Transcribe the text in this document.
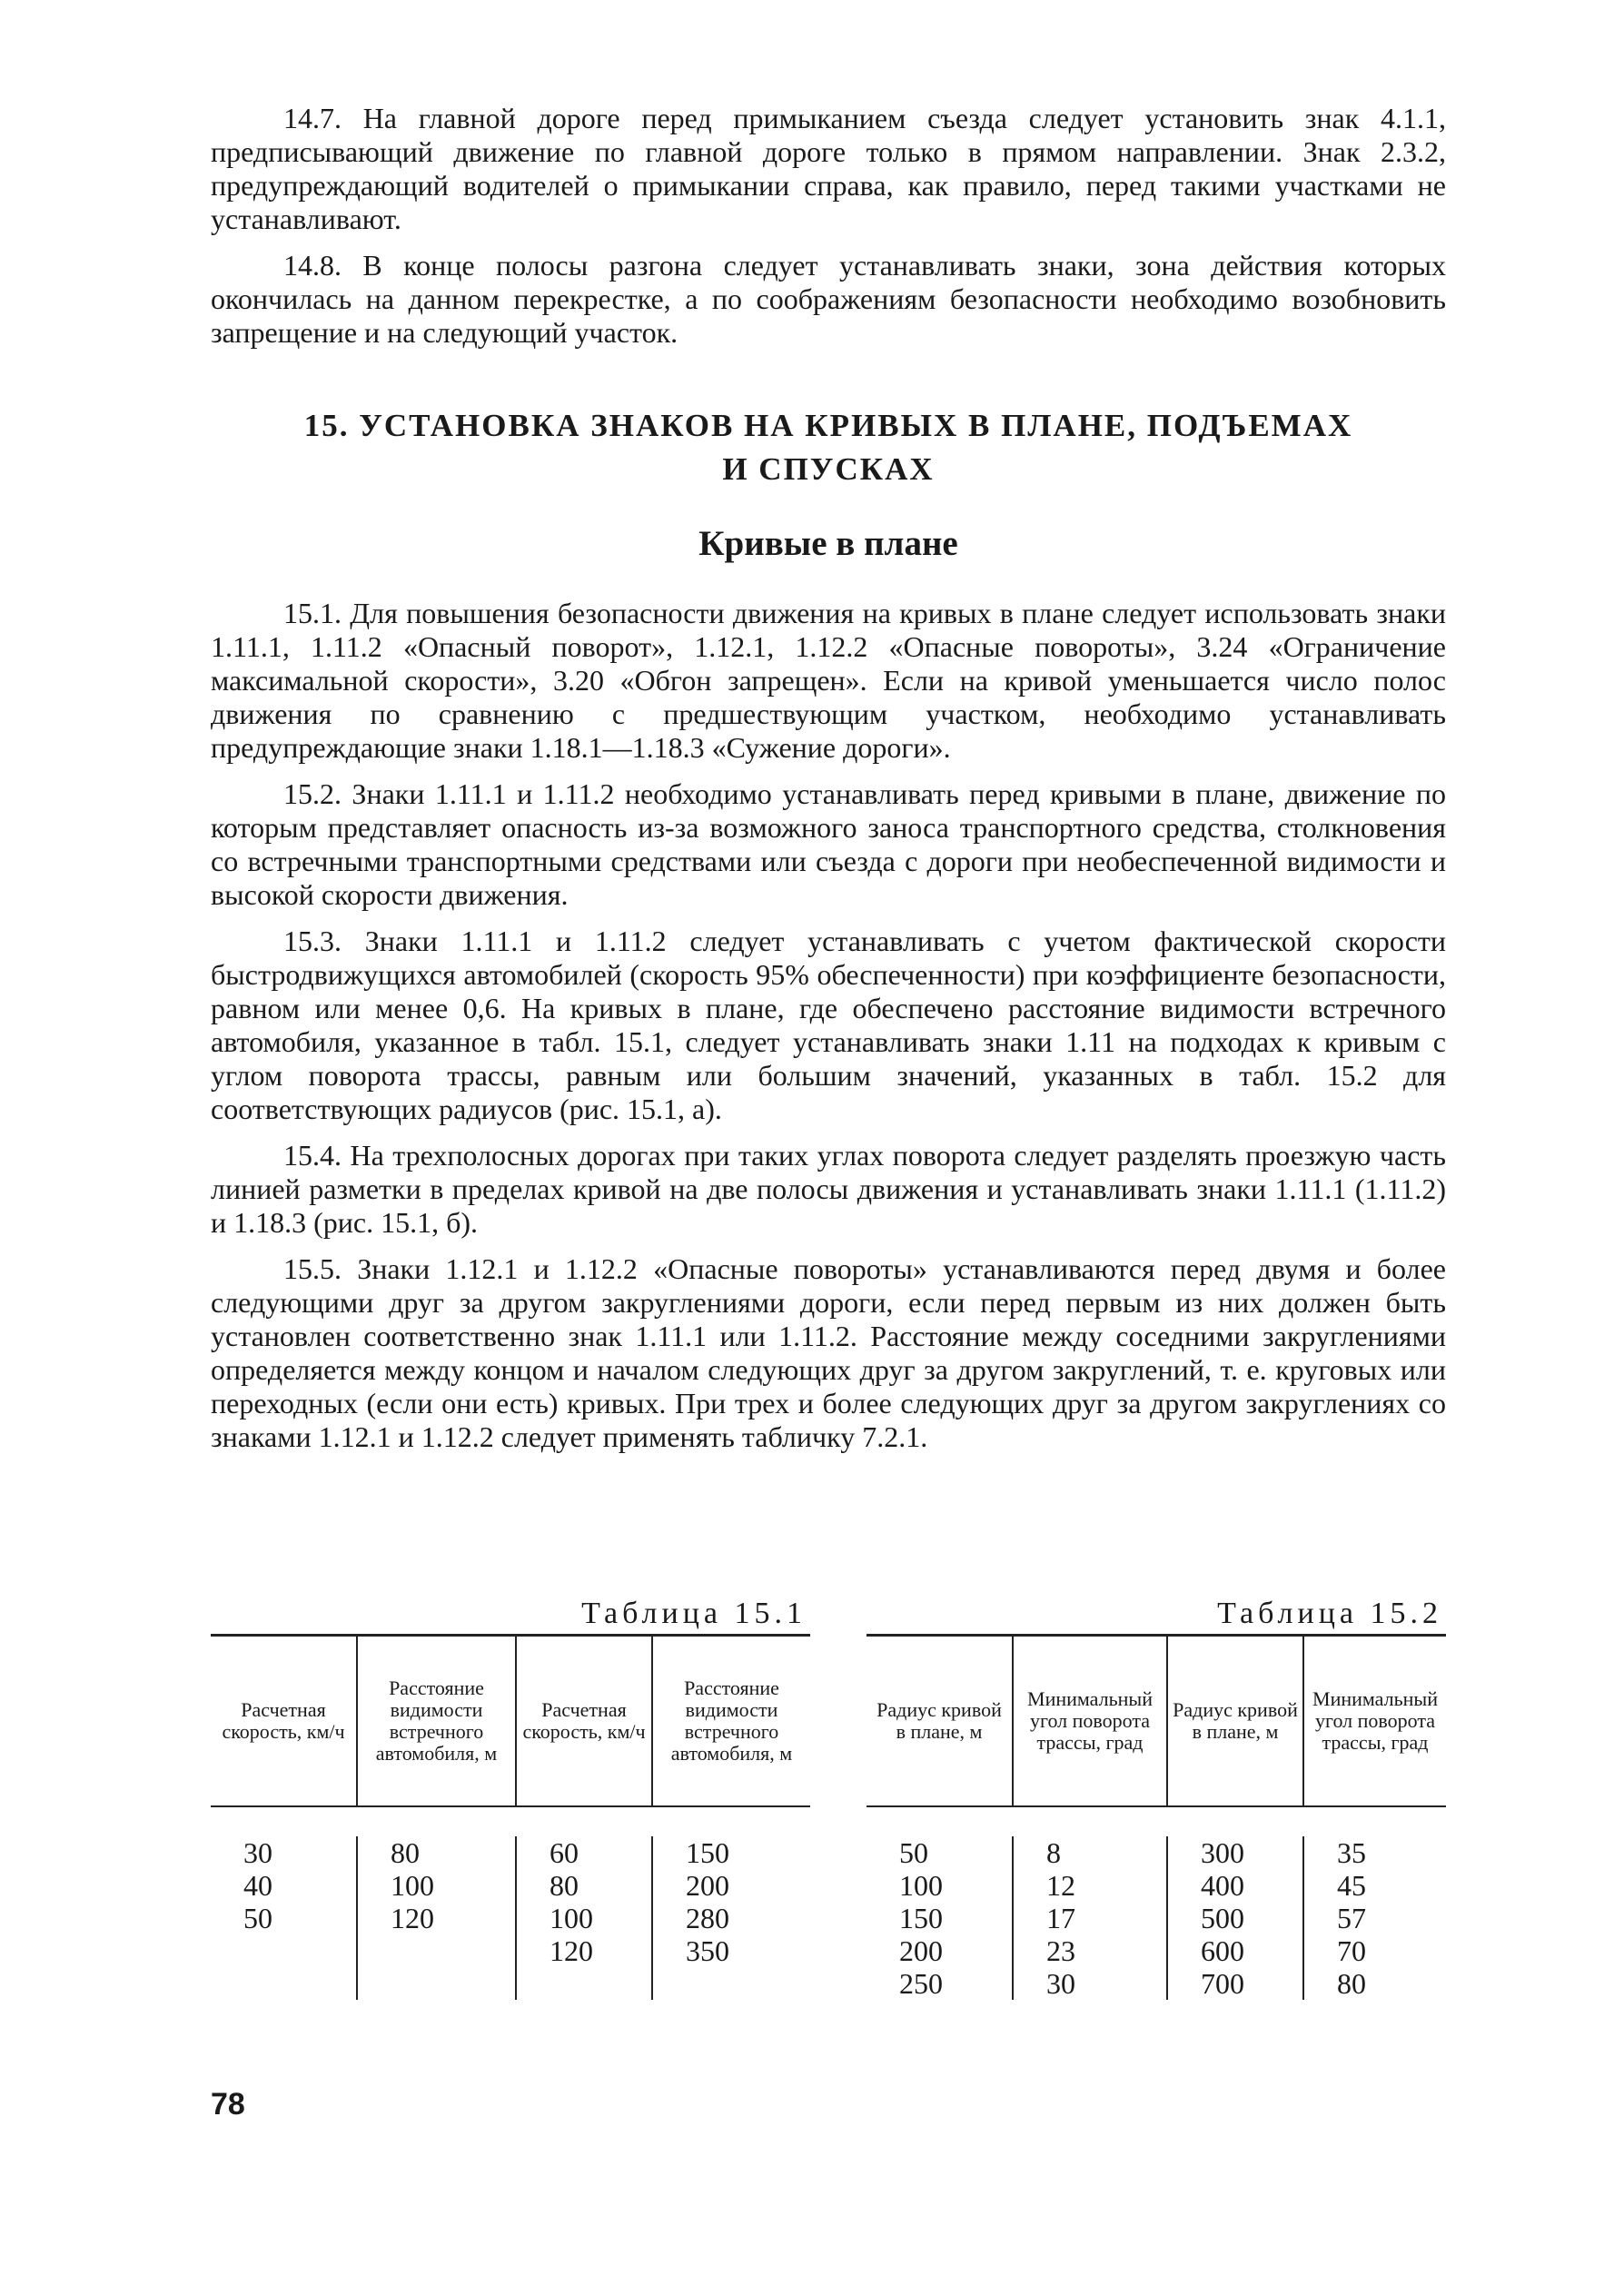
14.7. На главной дороге перед примыканием съезда следует установить знак 4.1.1, предписывающий движение по главной дороге только в прямом направлении. Знак 2.3.2, предупреждающий водителей о примыкании справа, как правило, перед такими участками не устанавливают.

14.8. В конце полосы разгона следует устанавливать знаки, зона действия которых окончилась на данном перекрестке, а по соображениям безопасности необходимо возобновить запрещение и на следующий участок.

15. УСТАНОВКА ЗНАКОВ НА КРИВЫХ В ПЛАНЕ, ПОДЪЕМАХ
И СПУСКАХ
Кривые в плане

15.1. Для повышения безопасности движения на кривых в плане следует использовать знаки 1.11.1, 1.11.2 «Опасный поворот», 1.12.1, 1.12.2 «Опасные повороты», 3.24 «Ограничение максимальной скорости», 3.20 «Обгон запрещен». Если на кривой уменьшается число полос движения по сравнению с предшествующим участком, необходимо устанавливать предупреждающие знаки 1.18.1—1.18.3 «Сужение дороги».

15.2. Знаки 1.11.1 и 1.11.2 необходимо устанавливать перед кривыми в плане, движение по которым представляет опасность из-за возможного заноса транспортного средства, столкновения со встречными транспортными средствами или съезда с дороги при необеспеченной видимости и высокой скорости движения.

15.3. Знаки 1.11.1 и 1.11.2 следует устанавливать с учетом фактической скорости быстродвижущихся автомобилей (скорость 95% обеспеченности) при коэффициенте безопасности, равном или менее 0,6. На кривых в плане, где обеспечено расстояние видимости встречного автомобиля, указанное в табл. 15.1, следует устанавливать знаки 1.11 на подходах к кривым с углом поворота трассы, равным или большим значений, указанных в табл. 15.2 для соответствующих радиусов (рис. 15.1, а).

15.4. На трехполосных дорогах при таких углах поворота следует разделять проезжую часть линией разметки в пределах кривой на две полосы движения и устанавливать знаки 1.11.1 (1.11.2) и 1.18.3 (рис. 15.1, б).

15.5. Знаки 1.12.1 и 1.12.2 «Опасные повороты» устанавливаются перед двумя и более следующими друг за другом закруглениями дороги, если перед первым из них должен быть установлен соответственно знак 1.11.1 или 1.11.2. Расстояние между соседними закруглениями определяется между концом и началом следующих друг за другом закруглений, т. е. круговых или переходных (если они есть) кривых. При трех и более следующих друг за другом закруглениях со знаками 1.12.1 и 1.12.2 следует применять табличку 7.2.1.

Таблица 15.1
Расчетная скорость, км/ч
Расстояние видимости встречного автомобиля, м
Расчетная скорость, км/ч
Расстояние видимости встречного автомобиля, м
30
40
50
80
100
120
60
80
100
120
150
200
280
350
Таблица 15.2
Радиус кривой в плане, м
Минимальный угол поворота трассы, град
Радиус кривой в плане, м
Минимальный угол поворота трассы, град
50
100
150
200
250
8
12
17
23
30
300
400
500
600
700
35
45
57
70
80
78
